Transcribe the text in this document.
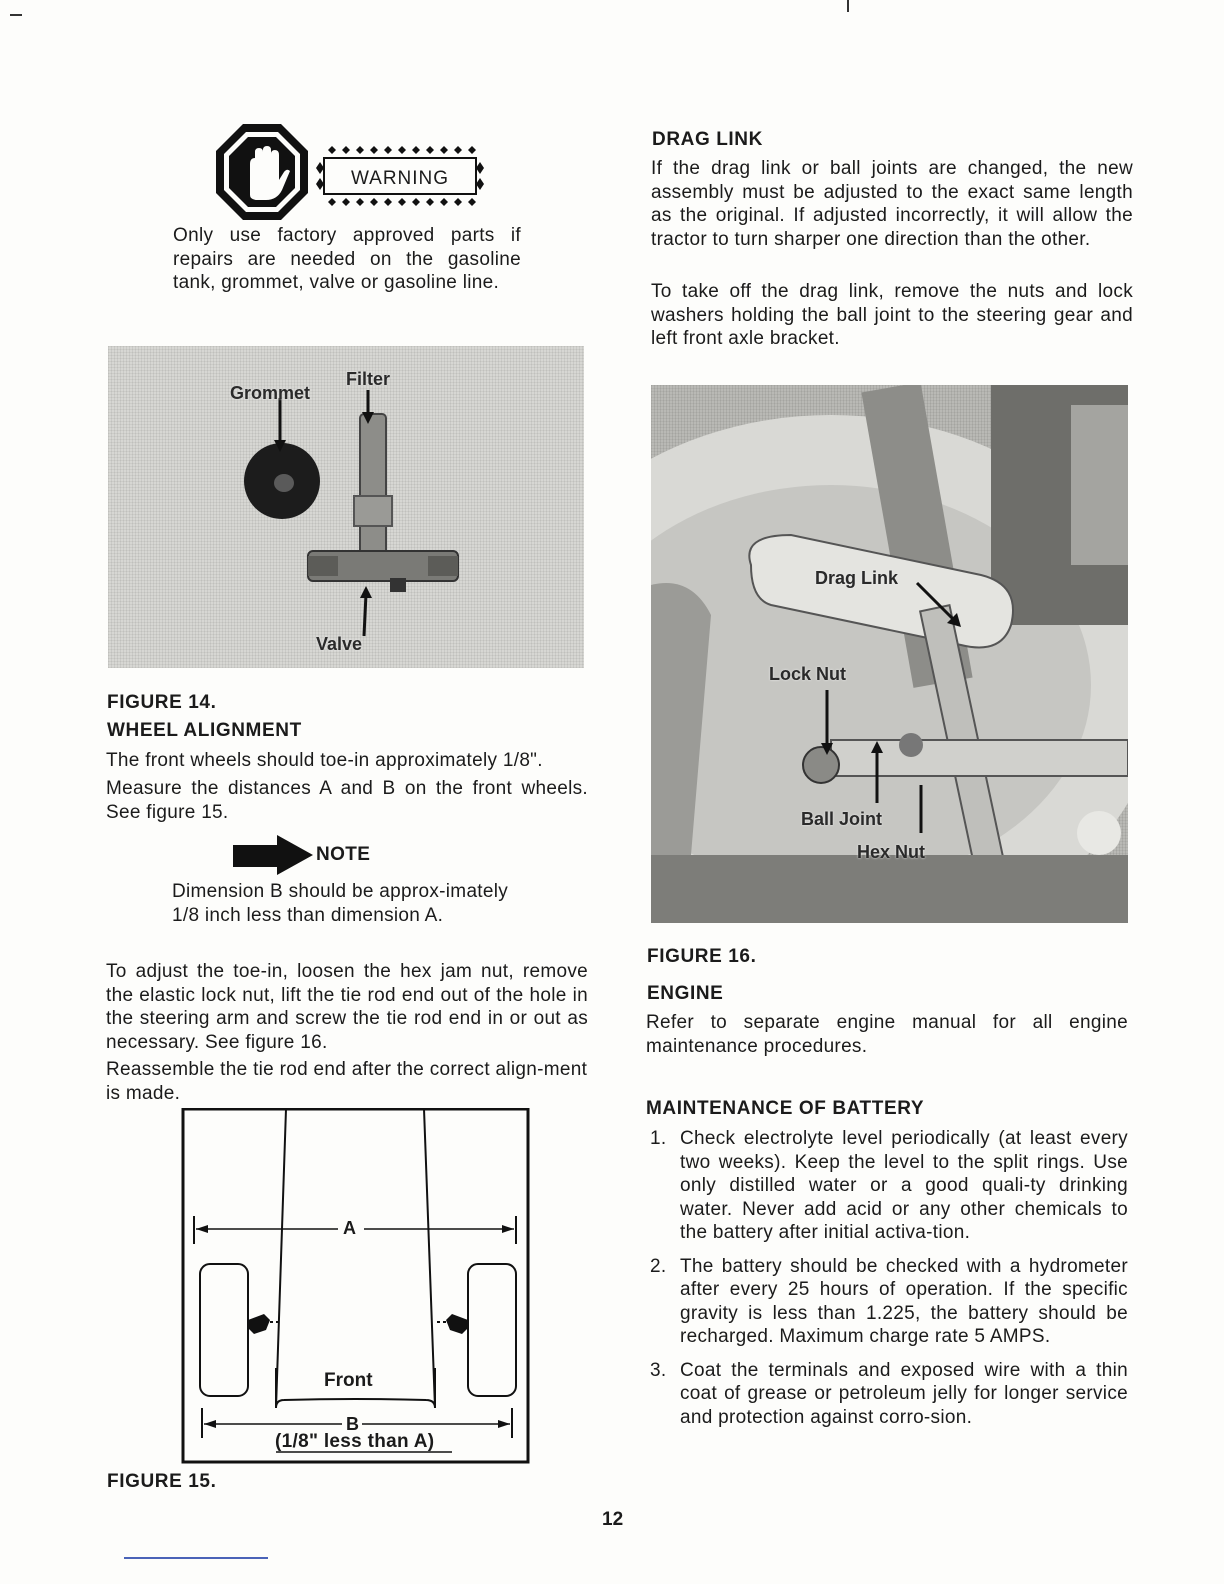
WARNING

Only use factory approved parts if repairs are needed on the gasoline tank, grommet, valve or gasoline line.

Grommet
Filter
Valve
FIGURE 14.
WHEEL ALIGNMENT

The front wheels should toe-in approximately 1/8".

Measure the distances A and B on the front wheels. See figure 15.

NOTE

Dimension B should be approx-imately 1/8 inch less than dimension A.

To adjust the toe-in, loosen the hex jam nut, remove the elastic lock nut, lift the tie rod end out of the hole in the steering arm and screw the tie rod end in or out as necessary. See figure 16.

Reassemble the tie rod end after the correct align-ment is made.

A
Front
B
(1/8" less than A)
FIGURE 15.
DRAG LINK

If the drag link or ball joints are changed, the new assembly must be adjusted to the exact same length as the original. If adjusted incorrectly, it will allow the tractor to turn sharper one direction than the other.

To take off the drag link, remove the nuts and lock washers holding the ball joint to the steering gear and left front axle bracket.

Drag Link
Lock Nut
Ball Joint
Hex Nut
FIGURE 16.
ENGINE

Refer to separate engine manual for all engine maintenance procedures.

MAINTENANCE OF BATTERY
1. Check electrolyte level periodically (at least every two weeks). Keep the level to the split rings. Use only distilled water or a good quali-ty drinking water. Never add acid or any other chemicals to the battery after initial activa-tion.
2. The battery should be checked with a hydrometer after every 25 hours of operation. If the specific gravity is less than 1.225, the battery should be recharged. Maximum charge rate 5 AMPS.
3. Coat the terminals and exposed wire with a thin coat of grease or petroleum jelly for longer service and protection against corro-sion.
12
